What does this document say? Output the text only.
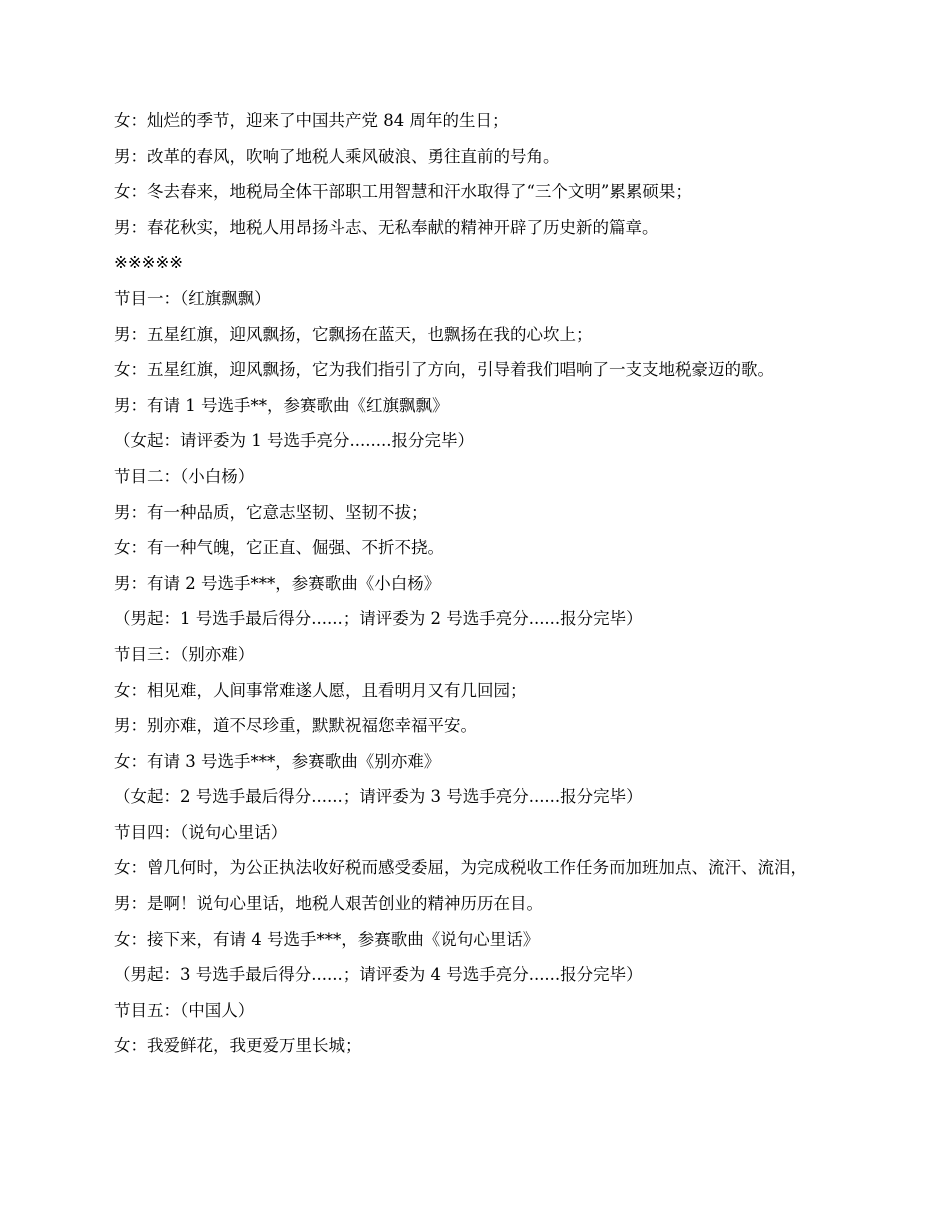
女：灿烂的季节，迎来了中国共产党 84 周年的生日；

男：改革的春风，吹响了地税人乘风破浪、勇往直前的号角。

女：冬去春来，地税局全体干部职工用智慧和汗水取得了“三个文明”累累硕果；

男：春花秋实，地税人用昂扬斗志、无私奉献的精神开辟了历史新的篇章。

※※※※※

节目一：（红旗飘飘）

男：五星红旗，迎风飘扬，它飘扬在蓝天，也飘扬在我的心坎上；

女：五星红旗，迎风飘扬，它为我们指引了方向，引导着我们唱响了一支支地税豪迈的歌。

男：有请 1 号选手**，参赛歌曲《红旗飘飘》

（女起：请评委为 1 号选手亮分........报分完毕）

节目二：（小白杨）

男：有一种品质，它意志坚韧、坚韧不拔；

女：有一种气魄，它正直、倔强、不折不挠。

男：有请 2 号选手***，参赛歌曲《小白杨》

（男起：1 号选手最后得分......；请评委为 2 号选手亮分......报分完毕）

节目三：（别亦难）

女：相见难，人间事常难遂人愿，且看明月又有几回园；

男：别亦难，道不尽珍重，默默祝福您幸福平安。

女：有请 3 号选手***，参赛歌曲《别亦难》

（女起：2 号选手最后得分......；请评委为 3 号选手亮分......报分完毕）

节目四：（说句心里话）

女：曾几何时，为公正执法收好税而感受委屈，为完成税收工作任务而加班加点、流汗、流泪，

男：是啊！说句心里话，地税人艰苦创业的精神历历在目。

女：接下来，有请 4 号选手***，参赛歌曲《说句心里话》

（男起：3 号选手最后得分......；请评委为 4 号选手亮分......报分完毕）

节目五：（中国人）

女：我爱鲜花，我更爱万里长城；
